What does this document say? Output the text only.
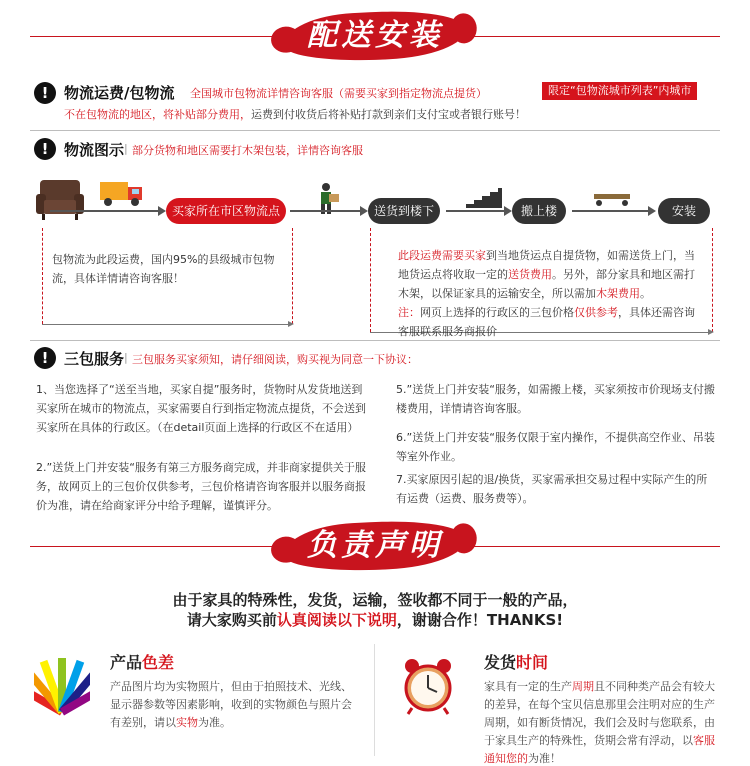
配送安装
!	物流运费/包物流 全国城市包物流详情咨询客服（需要买家到指定物流点提货）	限定“包物流城市列表”内城市
不在包物流的地区，将补贴部分费用，运费到付收货后将补贴打款到亲们支付宝或者银行账号！
!	物流图示 | 部分货物和地区需要打木架包装，详情咨询客服
买家所在市区物流点	送货到楼下	搬上楼	安装
包物流为此段运费，国内95%的县级城市包物流，具体详情请咨询客服！
此段运费需要买家到当地货运点自提货物，如需送货上门，当地货运点将收取一定的送货费用。另外，部分家具和地区需打木架，以保证家具的运输安全，所以需加木架费用。
注：网页上选择的行政区的三包价格仅供参考，具体还需咨询客服联系服务商报价
!	三包服务 | 三包服务买家须知，请仔细阅读，购买视为同意一下协议：
1、当您选择了“送至当地，买家自提”服务时，货物时从发货地送到买家所在城市的物流点，买家需要自行到指定物流点提货，不会送到买家所在具体的行政区。（在detail页面上选择的行政区不在适用）
2.”送货上门并安装“服务有第三方服务商完成，并非商家提供关于服务，故网页上的三包价仅供参考，三包价格请咨询客服并以服务商报价为准，请在给商家评分中给予理解，谨慎评分。
5.”送货上门并安装“服务，如需搬上楼，买家须按市价现场支付搬楼费用，详情请咨询客服。
6.”送货上门并安装“服务仅限于室内操作，不提供高空作业、吊装等室外作业。
7.买家原因引起的退/换货，买家需承担交易过程中实际产生的所有运费（运费、服务费等）。
负责声明
由于家具的特殊性，发货，运输，签收都不同于一般的产品，
请大家购买前认真阅读以下说明，谢谢合作！THANKS!
产品色差
产品图片均为实物照片，但由于拍照技术、光线、显示器参数等因素影响，收到的实物颜色与照片会有差别，请以实物为准。
发货时间
家具有一定的生产周期且不同种类产品会有较大的差异，在每个宝贝信息那里会注明对应的生产周期，如有断货情况，我们会及时与您联系，由于家具生产的特殊性，货期会常有浮动，以客服通知您的为准！
